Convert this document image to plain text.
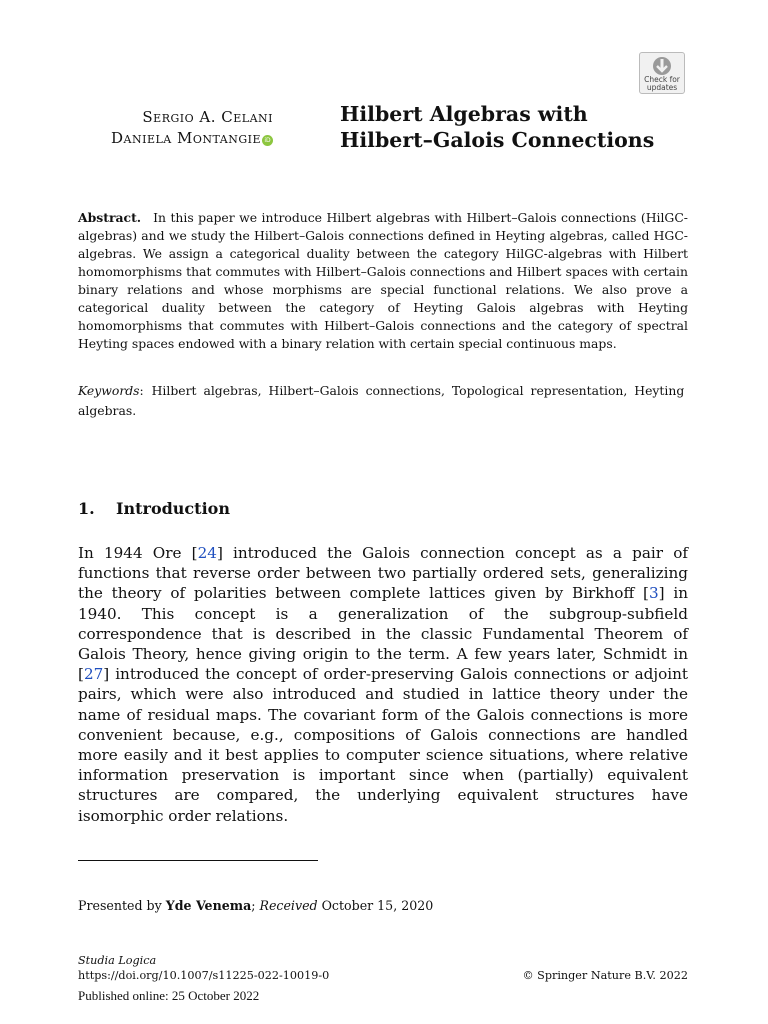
Check for
updates
Sergio A. Celani
Daniela Montangie iD
Hilbert Algebras with
Hilbert–Galois Connections
Abstract. In this paper we introduce Hilbert algebras with Hilbert–Galois connections (HilGC-algebras) and we study the Hilbert–Galois connections defined in Heyting algebras, called HGC-algebras. We assign a categorical duality between the category HilGC-algebras with Hilbert homomorphisms that commutes with Hilbert–Galois connections and Hilbert spaces with certain binary relations and whose morphisms are special functional relations. We also prove a categorical duality between the category of Heyting Galois algebras with Heyting homomorphisms that commutes with Hilbert–Galois connections and the category of spectral Heyting spaces endowed with a binary relation with certain special continuous maps.
Keywords:  Hilbert algebras, Hilbert–Galois connections, Topological representation, Heyting algebras.
1. Introduction
In 1944 Ore [24] introduced the Galois connection concept as a pair of functions that reverse order between two partially ordered sets, generalizing the theory of polarities between complete lattices given by Birkhoff [3] in 1940. This concept is a generalization of the subgroup-subfield correspondence that is described in the classic Fundamental Theorem of Galois Theory, hence giving origin to the term. A few years later, Schmidt in [27] introduced the concept of order-preserving Galois connections or adjoint pairs, which were also introduced and studied in lattice theory under the name of residual maps. The covariant form of the Galois connections is more convenient because, e.g., compositions of Galois connections are handled more easily and it best applies to computer science situations, where relative information preservation is important since when (partially) equivalent structures are compared, the underlying equivalent structures have isomorphic order relations.
Presented by Yde Venema; Received October 15, 2020
Studia Logica
https://doi.org/10.1007/s11225-022-10019-0	© Springer Nature B.V. 2022
Published online: 25 October 2022
